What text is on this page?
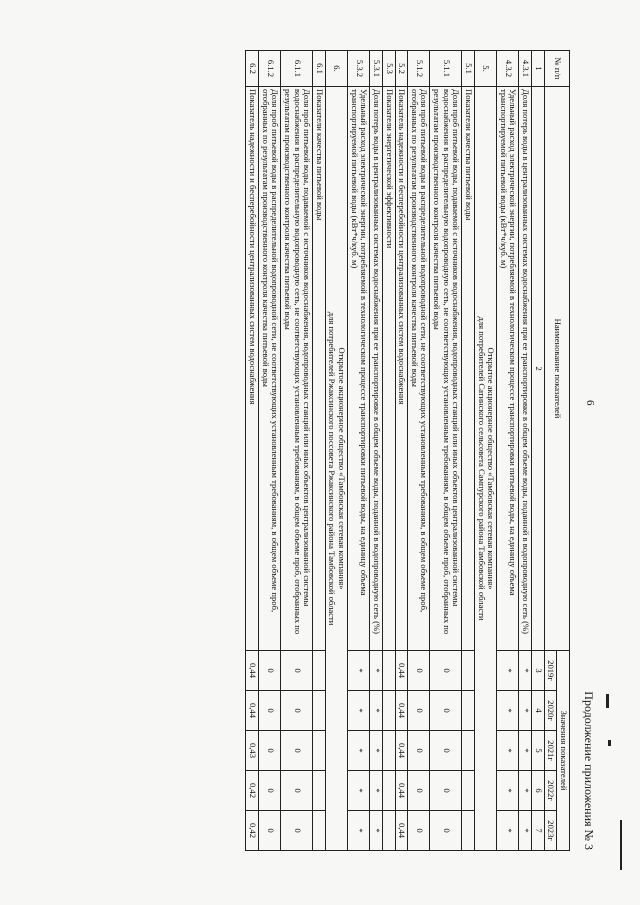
6
Продолжение приложения № 3
№ п/п	Наименование показателей	Значения показателей				
		2019г	2020г	2021г	2022г	2023г
1	2	3	4	5	6	7
4.3.1	Доля потерь воды в централизованных системах водоснабжения при ее транспортировке в общем объеме воды, поданной в водопроводную сеть (%)	*	*	*	*	*
4.3.2	Удельный расход электрической энергии, потребляемой в технологическом процессе транспортировки питьевой воды, на единицу объема транспортируемой питьевой воды (кВт*ч/куб. м)	*	*	*	*	*
5.	Открытое акционерное общество «Тамбовская сетевая компания»
для потребителей Сатинского сельсовета Сампурского района Тамбовской области					

5.1	Показатели качества питьевой воды					
5.1.1	Доля проб питьевой воды, подаваемой с источников водоснабжения, водопроводных станций или иных объектов централизованной системы водоснабжения в распределительную водопроводную сеть, не соответствующих установленным требованиям, в общем объеме проб, отобранных по результатам производственного контроля качества питьевой воды	0	0	0	0	0
5.1.2	Доля проб питьевой воды в распределительной водопроводной сети, не соответствующих установленным требованиям, в общем объеме проб, отобранных по результатам производственного контроля качества питьевой воды	0	0	0	0	0
5.2	Показатель надежности и бесперебойности централизованных систем водоснабжения	0,44	0,44	0,44	0,44	0,44
5.3	Показатели энергетической эффективности					
5.3.1	Доля потерь воды в централизованных системах водоснабжения при ее транспортировке в общем объеме воды, поданной в водопроводную сеть (%)	*	*	*	*	*
5.3.2	Удельный расход электрической энергии, потребляемой в технологическом процессе транспортировки питьевой воды, на единицу объема транспортируемой питьевой воды (кВт*ч/куб. м)	*	*	*	*	*
6.	Открытое акционерное общество «Тамбовская сетевая компания»
для потребителей Ржаксинского поссовета Ржаксинского района Тамбовской области					

6.1	Показатели качества питьевой воды					
6.1.1	Доля проб питьевой воды, подаваемой с источников водоснабжения, водопроводных станций или иных объектов централизованной системы водоснабжения в распределительную водопроводную сеть, не соответствующих установленным требованиям, в общем объеме проб, отобранных по результатам производственного контроля качества питьевой воды	0	0	0	0	0
6.1.2	Доля проб питьевой воды в распределительной водопроводной сети, не соответствующих установленным требованиям, в общем объеме проб, отобранных по результатам производственного контроля качества питьевой воды	0	0	0	0	0
6.2	Показатель надежности и бесперебойности централизованных систем водоснабжения	0,44	0,44	0,43	0,42	0,42
